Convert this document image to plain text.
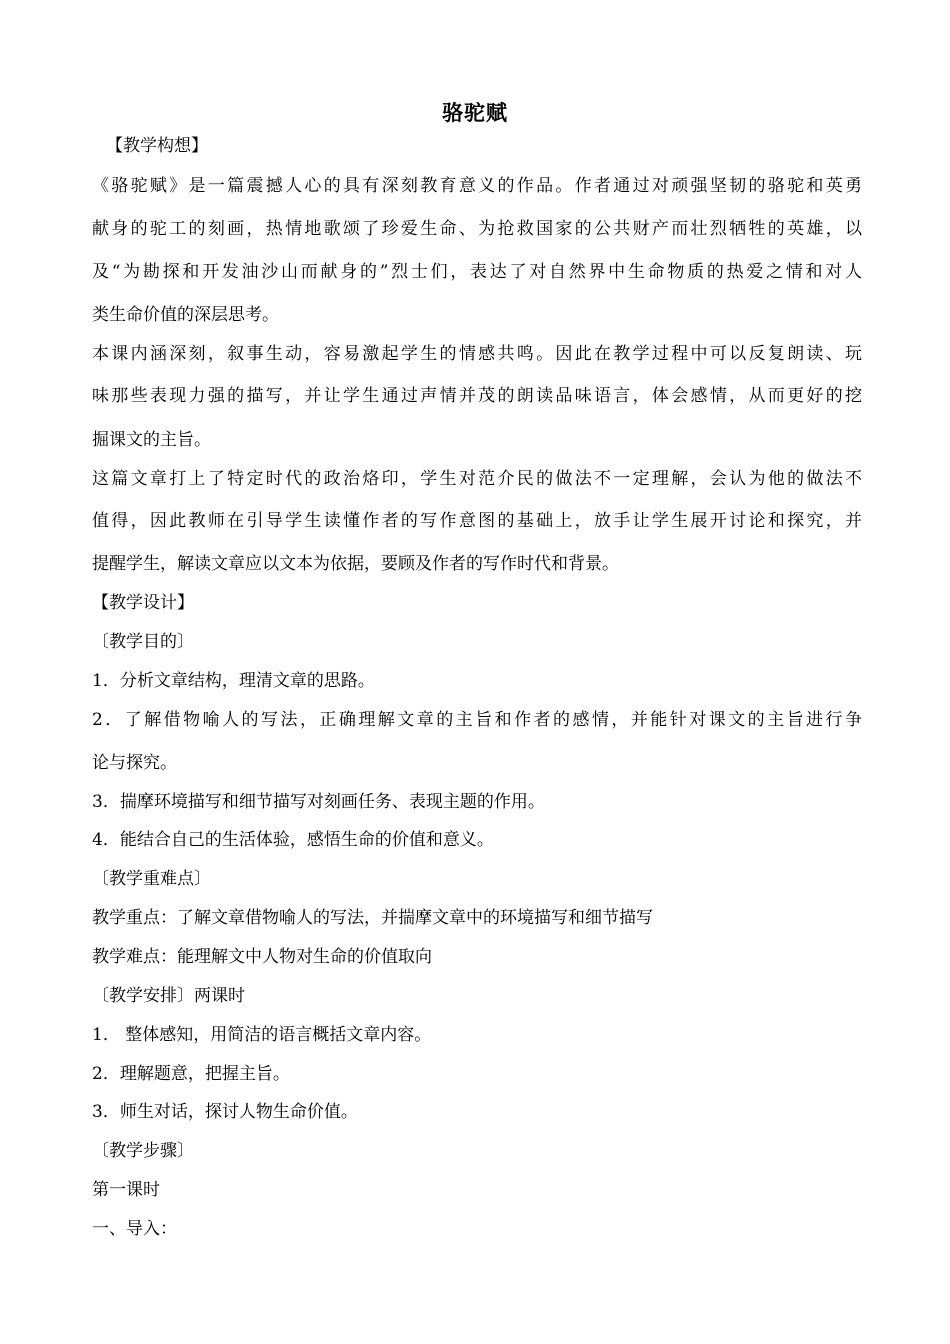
骆驼赋
【教学构想】
《骆驼赋》是一篇震撼人心的具有深刻教育意义的作品。作者通过对顽强坚韧的骆驼和英勇
献身的驼工的刻画，热情地歌颂了珍爱生命、为抢救国家的公共财产而壮烈牺牲的英雄，以
及“为勘探和开发油沙山而献身的”烈士们，表达了对自然界中生命物质的热爱之情和对人
类生命价值的深层思考。
本课内涵深刻，叙事生动，容易激起学生的情感共鸣。因此在教学过程中可以反复朗读、玩
味那些表现力强的描写，并让学生通过声情并茂的朗读品味语言，体会感情，从而更好的挖
掘课文的主旨。
这篇文章打上了特定时代的政治烙印，学生对范介民的做法不一定理解，会认为他的做法不
值得，因此教师在引导学生读懂作者的写作意图的基础上，放手让学生展开讨论和探究，并
提醒学生，解读文章应以文本为依据，要顾及作者的写作时代和背景。
【教学设计】
〔教学目的〕
1．分析文章结构，理清文章的思路。
2．了解借物喻人的写法，正确理解文章的主旨和作者的感情，并能针对课文的主旨进行争
论与探究。
3．揣摩环境描写和细节描写对刻画任务、表现主题的作用。
4．能结合自己的生活体验，感悟生命的价值和意义。
〔教学重难点〕
教学重点：了解文章借物喻人的写法，并揣摩文章中的环境描写和细节描写
教学难点：能理解文中人物对生命的价值取向
〔教学安排〕两课时
1． 整体感知，用简洁的语言概括文章内容。
2．理解题意，把握主旨。
3．师生对话，探讨人物生命价值。
〔教学步骤〕
第一课时
一、导入：
